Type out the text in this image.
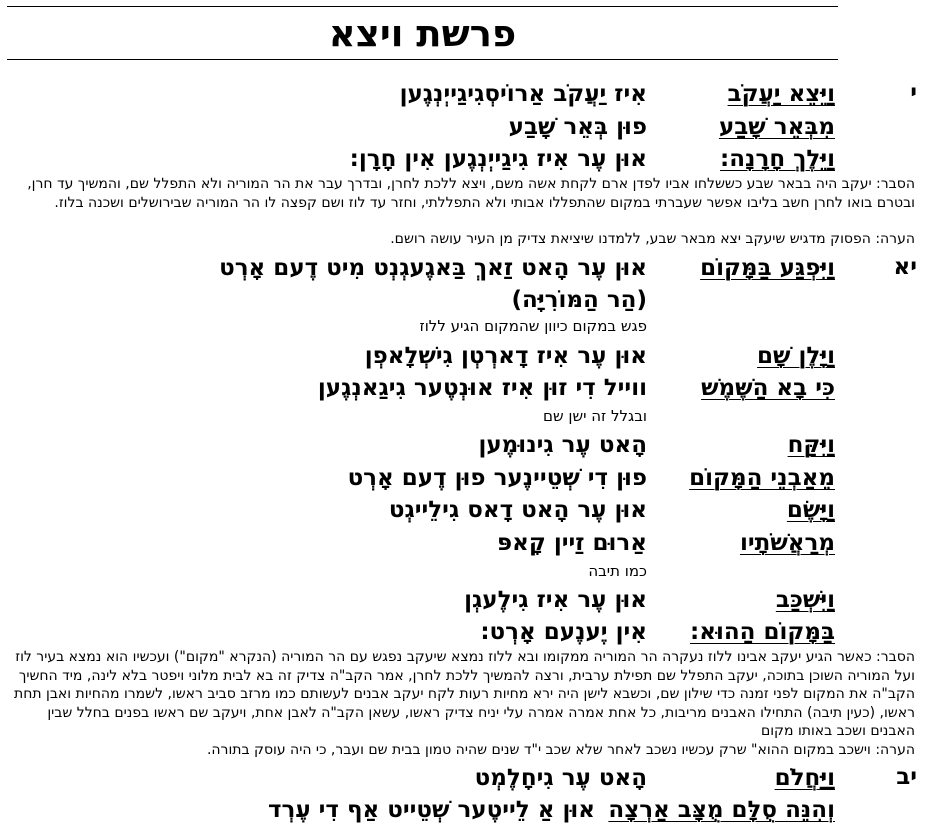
פרשת ויצא
י
וַיֵּצֵא יַעֲקֹב
אִיז יַעֲקֹב אַרוֹיסְגִיגַייְנְגֶען
מִבְּאֵר שָׁבַע
פוּן בְּאֵר שָׁבַע
וַיֵּלֶךְ חָרָנָה:
אוּן עֶר אִיז גִיגַייְנְגֶען אִין חָרָן:
הסבר: יעקב היה בבאר שבע כששלחו אביו לפדן ארם לקחת אשה משם, ויצא ללכת לחרן, ובדרך עבר את הר המוריה ולא התפלל שם, והמשיך עד חרן, ובטרם בואו לחרן חשב בליבו אפשר שעברתי במקום שהתפללו אבותי ולא התפללתי, וחזר עד לוז ושם קפצה לו הר המוריה שבירושלים ושכנה בלוז.
הערה: הפסוק מדגיש שיעקב יצא מבאר שבע, ללמדנו שיציאת צדיק מן העיר עושה רושם.
יא
וַיִּפְגַּע בַּמָּקוֹם
אוּן עֶר הָאט זַאךְ בַּאגֶעגְנְט מִיט דֶעם אָרְט
(הַר הַמּוֹרִיָּה)
פגש במקום כיוון שהמקום הגיע ללוז
וַיָּלֶן שָׁם
אוּן עֶר אִיז דָארְטְן גִישְׁלָאפְן
כִּי בָא הַשֶּׁמֶשׁ
ווייל דִי זוּן אִיז אוּנְטֶער גִיגַאנְגֶען
ובגלל זה ישן שם
וַיִּקַּח
הָאט עֶר גִינוּמֶען
מֵאַבְנֵי הַמָּקוֹם
פוּן דִי שְׁטֵיינֶער פוּן דֶעם אָרְט
וַיָּשֶׂם
אוּן עֶר הָאט דָאס גִילֵייגְט
מְרַאֲשֹׁתָיו
אַרוּם זַיין קָאפּ
כמו תיבה
וַיִּשְׁכַּב
אוּן עֶר אִיז גִילֶעגְן
בַּמָּקוֹם הַהוּא:
אִין יֶענֶעם אָרְט:
הסבר: כאשר הגיע יעקב אבינו ללוז נעקרה הר המוריה ממקומו ובא ללוז נמצא שיעקב נפגש עם הר המוריה (הנקרא "מקום") ועכשיו הוא נמצא בעיר לוז ועל המוריה השוכן בתוכה, יעקב התפלל שם תפילת ערבית, ורצה להמשיך ללכת לחרן, אמר הקב"ה צדיק זה בא לבית מלוני ויפטר בלא לינה, מיד החשיך הקב"ה את המקום לפני זמנה כדי שילון שם, וכשבא לישן היה ירא מחיות רעות לקח יעקב אבנים לעשותם כמו מרזב סביב ראשו, לשמרו מהחיות ואבן תחת ראשו, (כעין תיבה) התחילו האבנים מריבות, כל אחת אמרה אמרה עלי יניח צדיק ראשו, עשאן הקב"ה לאבן אחת, ויעקב שם ראשו בפנים בחלל שבין האבנים ושכב באותו מקום
הערה: וישכב במקום ההוא" שרק עכשיו נשכב לאחר שלא שכב י"ד שנים שהיה טמון בבית שם ועבר, כי היה עוסק בתורה.
יב
וַיַּחֲלֹם
הָאט עֶר גִיחָלֶמְט
וְהִנֵּה סֻלָּם מֻצָּב אַרְצָה
אוּן אַ לֵייטֶער שְׁטֵייט אַף דִי עֶרְד
